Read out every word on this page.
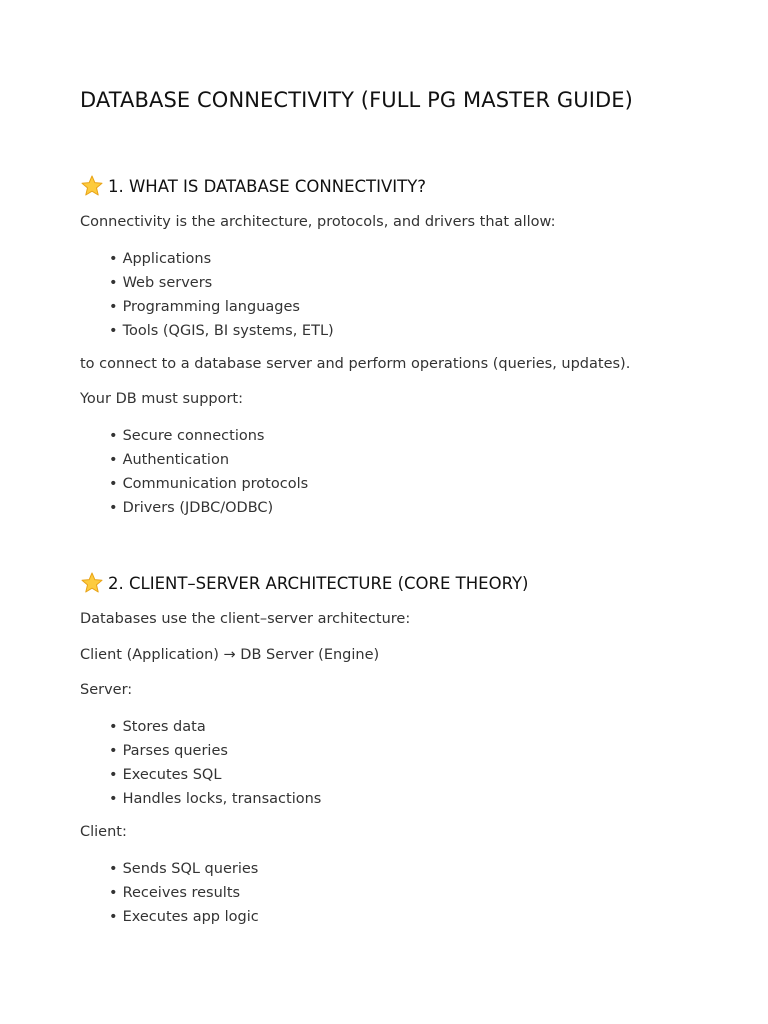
DATABASE CONNECTIVITY (FULL PG MASTER GUIDE)
1. WHAT IS DATABASE CONNECTIVITY?

Connectivity is the architecture, protocols, and drivers that allow:

• Applications
• Web servers
• Programming languages
• Tools (QGIS, BI systems, ETL)

to connect to a database server and perform operations (queries, updates).

Your DB must support:

• Secure connections
• Authentication
• Communication protocols
• Drivers (JDBC/ODBC)
2. CLIENT–SERVER ARCHITECTURE (CORE THEORY)

Databases use the client–server architecture:

Client (Application) → DB Server (Engine)

Server:

• Stores data
• Parses queries
• Executes SQL
• Handles locks, transactions

Client:

• Sends SQL queries
• Receives results
• Executes app logic
